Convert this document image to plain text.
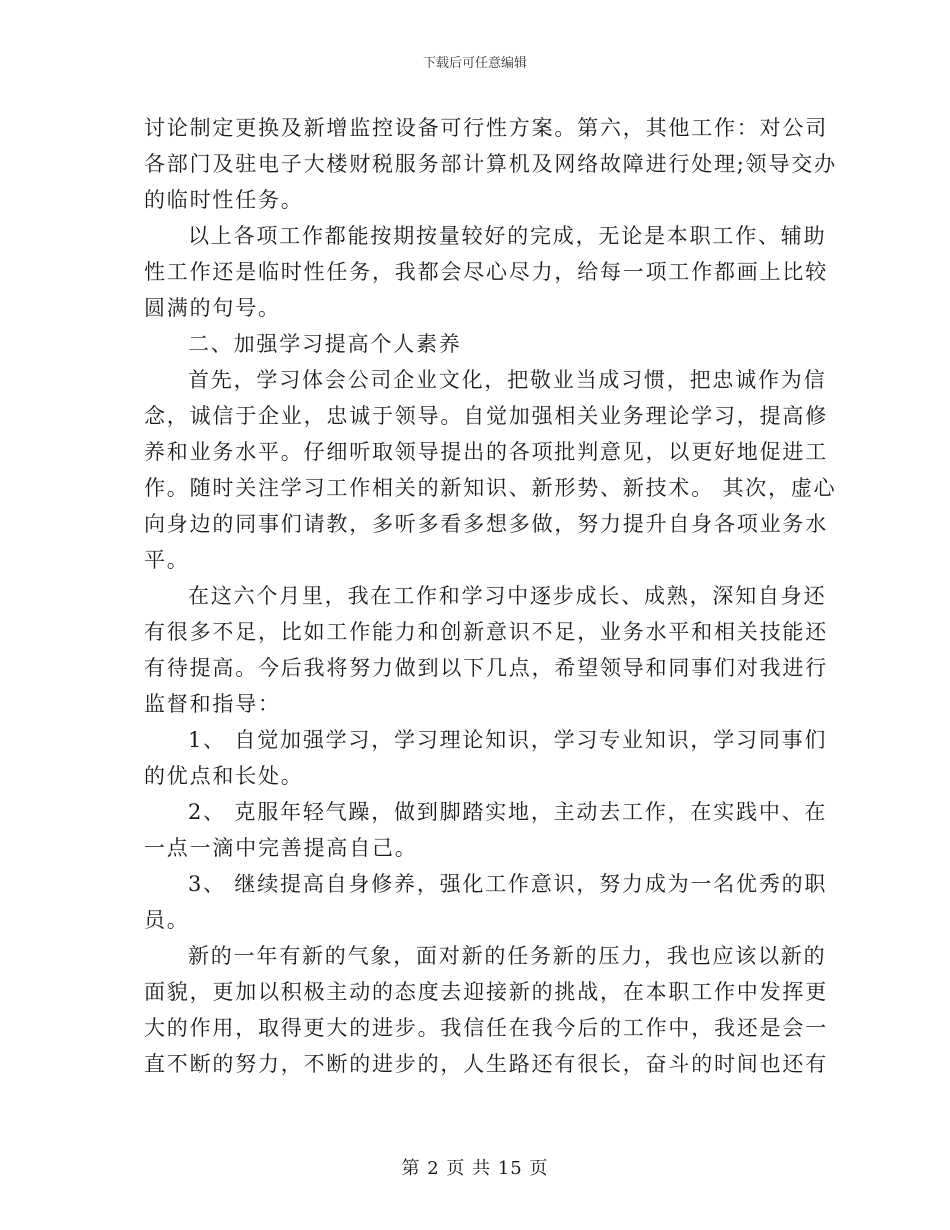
下载后可任意编辑
讨论制定更换及新增监控设备可行性方案。第六，其他工作：对公司
各部门及驻电子大楼财税服务部计算机及网络故障进行处理;领导交办
的临时性任务。
以上各项工作都能按期按量较好的完成，无论是本职工作、辅助
性工作还是临时性任务，我都会尽心尽力，给每一项工作都画上比较
圆满的句号。
二、加强学习提高个人素养
首先，学习体会公司企业文化，把敬业当成习惯，把忠诚作为信
念，诚信于企业，忠诚于领导。自觉加强相关业务理论学习，提高修
养和业务水平。仔细听取领导提出的各项批判意见，以更好地促进工
作。随时关注学习工作相关的新知识、新形势、新技术。 其次，虚心
向身边的同事们请教，多听多看多想多做，努力提升自身各项业务水
平。
在这六个月里，我在工作和学习中逐步成长、成熟，深知自身还
有很多不足，比如工作能力和创新意识不足，业务水平和相关技能还
有待提高。今后我将努力做到以下几点，希望领导和同事们对我进行
监督和指导：
1、 自觉加强学习，学习理论知识，学习专业知识，学习同事们
的优点和长处。
2、 克服年轻气躁，做到脚踏实地，主动去工作，在实践中、在
一点一滴中完善提高自己。
3、 继续提高自身修养，强化工作意识，努力成为一名优秀的职
员。
新的一年有新的气象，面对新的任务新的压力，我也应该以新的
面貌，更加以积极主动的态度去迎接新的挑战，在本职工作中发挥更
大的作用，取得更大的进步。我信任在我今后的工作中，我还是会一
直不断的努力，不断的进步的，人生路还有很长，奋斗的时间也还有
第 2 页 共 15 页
